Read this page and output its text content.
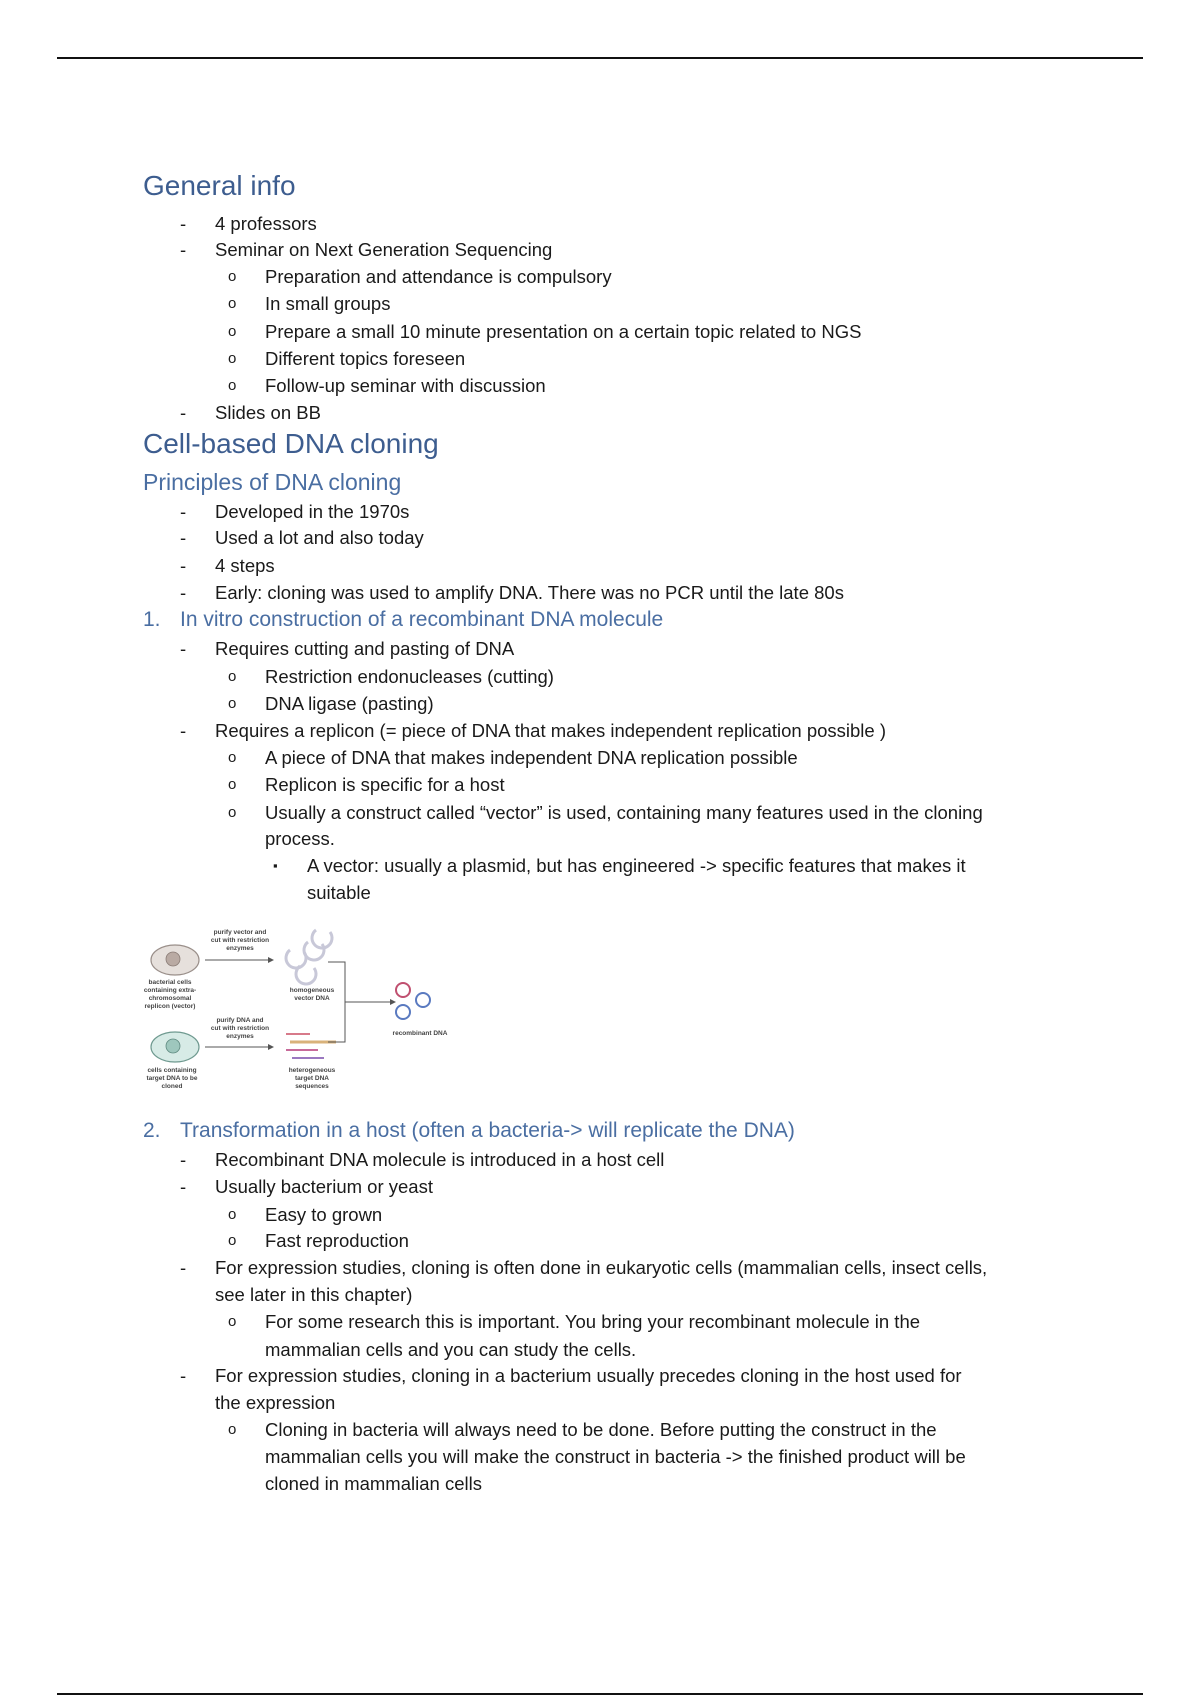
General info
- 4 professors
- Seminar on Next Generation Sequencing
o Preparation and attendance is compulsory
o In small groups
o Prepare a small 10 minute presentation on a certain topic related to NGS
o Different topics foreseen
o Follow-up seminar with discussion
- Slides on BB
Cell-based DNA cloning
Principles of DNA cloning
- Developed in the 1970s
- Used a lot and also today
- 4 steps
- Early: cloning was used to amplify DNA. There was no PCR until the late 80s
1. In vitro construction of a recombinant DNA molecule
- Requires cutting and pasting of DNA
o Restriction endonucleases (cutting)
o DNA ligase (pasting)
- Requires a replicon (= piece of DNA that makes independent replication possible )
o A piece of DNA that makes independent DNA replication possible
o Replicon is specific for a host
o Usually a construct called “vector” is used, containing many features used in the cloning
process.
▪ A vector: usually a plasmid, but has engineered -> specific features that makes it
suitable
purify vector and
cut with restriction
enzymes
bacterial cells
containing extra-
chromosomal
replicon (vector)
homogeneous
vector DNA
purify DNA and
cut with restriction
enzymes
cells containing
target DNA to be
cloned
heterogeneous
target DNA
sequences
recombinant DNA
2. Transformation in a host (often a bacteria-> will replicate the DNA)
- Recombinant DNA molecule is introduced in a host cell
- Usually bacterium or yeast
o Easy to grown
o Fast reproduction
- For expression studies, cloning is often done in eukaryotic cells (mammalian cells, insect cells,
see later in this chapter)
o For some research this is important. You bring your recombinant molecule in the
mammalian cells and you can study the cells.
- For expression studies, cloning in a bacterium usually precedes cloning in the host used for
the expression
o Cloning in bacteria will always need to be done. Before putting the construct in the
mammalian cells you will make the construct in bacteria -> the finished product will be
cloned in mammalian cells
